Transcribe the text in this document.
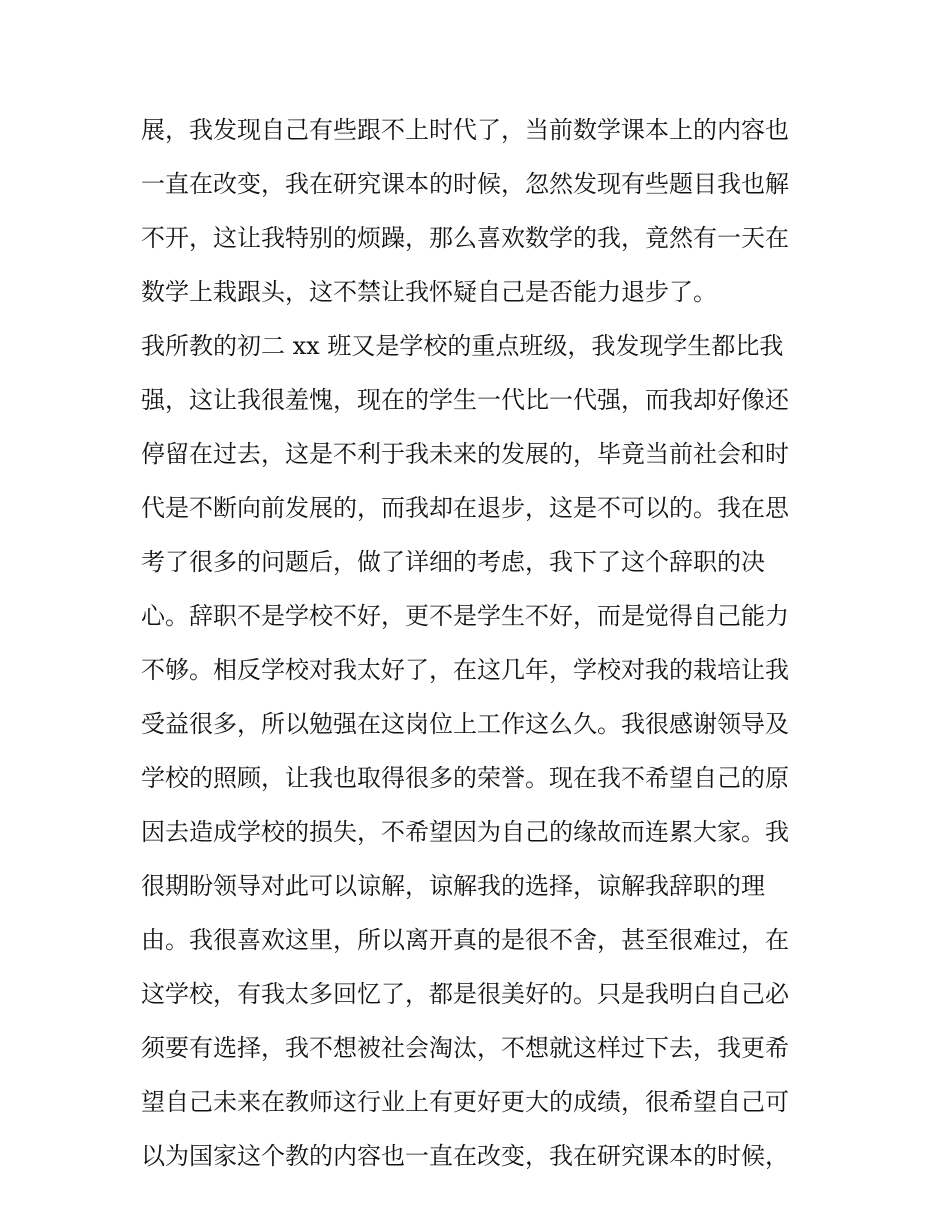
展，我发现自己有些跟不上时代了，当前数学课本上的内容也
一直在改变，我在研究课本的时候，忽然发现有些题目我也解
不开，这让我特别的烦躁，那么喜欢数学的我，竟然有一天在
数学上栽跟头，这不禁让我怀疑自己是否能力退步了。
我所教的初二 xx 班又是学校的重点班级，我发现学生都比我
强，这让我很羞愧，现在的学生一代比一代强，而我却好像还
停留在过去，这是不利于我未来的发展的，毕竟当前社会和时
代是不断向前发展的，而我却在退步，这是不可以的。我在思
考了很多的问题后，做了详细的考虑，我下了这个辞职的决
心。辞职不是学校不好，更不是学生不好，而是觉得自己能力
不够。相反学校对我太好了，在这几年，学校对我的栽培让我
受益很多，所以勉强在这岗位上工作这么久。我很感谢领导及
学校的照顾，让我也取得很多的荣誉。现在我不希望自己的原
因去造成学校的损失，不希望因为自己的缘故而连累大家。我
很期盼领导对此可以谅解，谅解我的选择，谅解我辞职的理
由。我很喜欢这里，所以离开真的是很不舍，甚至很难过，在
这学校，有我太多回忆了，都是很美好的。只是我明白自己必
须要有选择，我不想被社会淘汰，不想就这样过下去，我更希
望自己未来在教师这行业上有更好更大的成绩，很希望自己可
以为国家这个教的内容也一直在改变，我在研究课本的时候，
